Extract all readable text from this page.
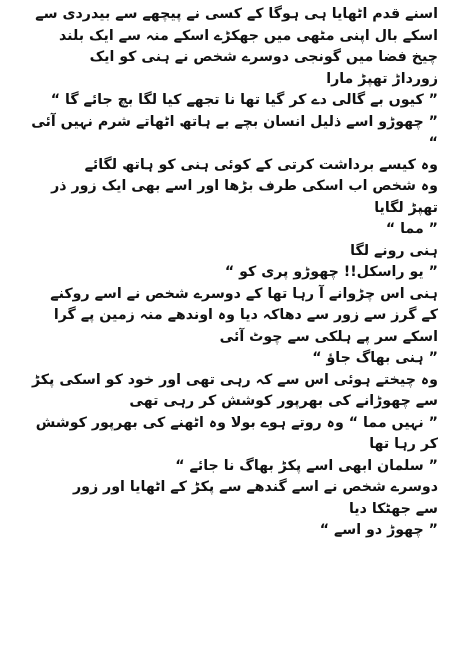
اسنے قدم اٹھایا ہی ہوگا کے کسی نے پیچھے سے بیدردی سے
اسکے بال اپنی مٹھی میں جھکڑے اسکے منہ سے ایک بلند
چیخ فضا میں گونجی دوسرے شخص نے ہنی کو ایک
زورداڑ تھپڑ مارا
” کیوں بے گالی دے کر گیا تھا نا تجھے کیا لگا بچ جائے گا “
” چھوڑو اسے ذلیل انسان بچے بے ہاتھ اٹھاتے شرم نہیں آئی
“
وہ کیسے برداشت کرتی کے کوئی ہنی کو ہاتھ لگائے
وہ شخص اب اسکی طرف بڑھا اور اسے بھی ایک زور ذر
تھپڑ لگایا
” مما “
ہنی رونے لگا
” یو راسکل!! چھوڑو پری کو “
ہنی اس چڑوانے آ رہا تھا کے دوسرے شخص نے اسے روکنے
کے گرز سے زور سے دھاکہ دیا وہ اوندھے منہ زمین پے گرا
اسکے سر پے ہلکی سے چوٹ آئی
” ہنی بھاگ جاؤ “
وہ چیختے ہوئی اس سے کہ رہی تھی اور خود کو اسکی پکڑ
سے چھوڑانے کی بھرپور کوشش کر رہی تھی
” نہیں مما “ وہ روتے ہوے بولا وہ اٹھنے کی بھرپور کوشش
کر رہا تھا
” سلمان ابھی اسے پکڑ بھاگ نا جائے “
دوسرے شخص نے اسے گندھے سے پکڑ کے اٹھایا اور زور
سے جھٹکا دیا
” چھوڑ دو اسے “
